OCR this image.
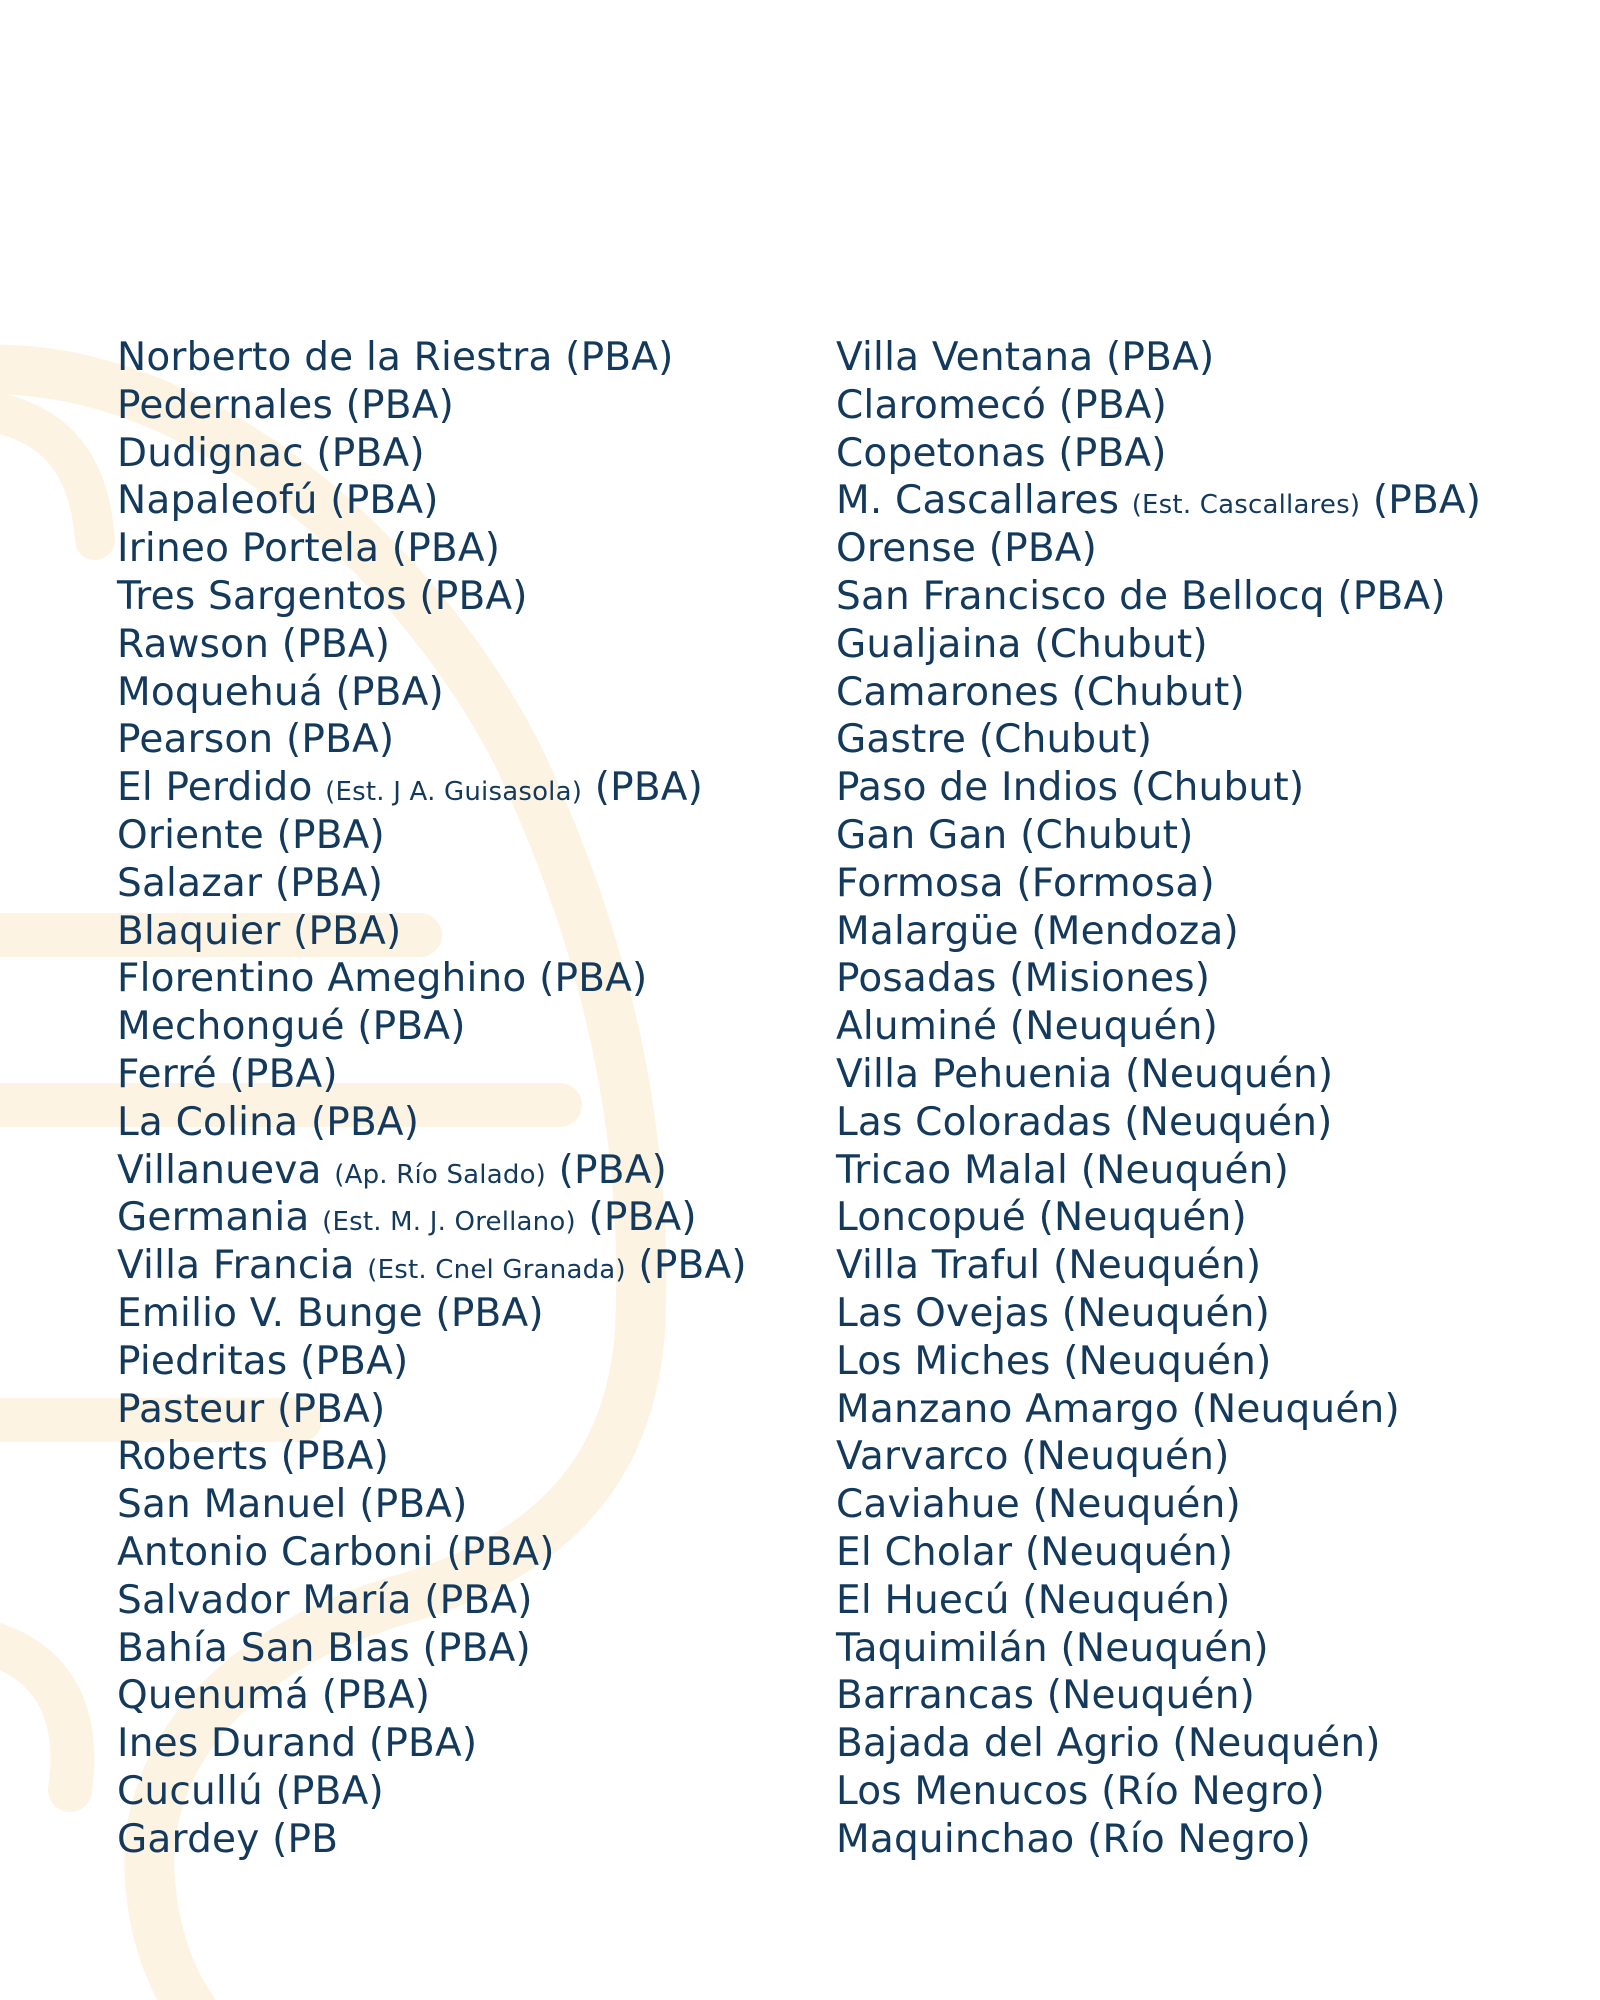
Norberto de la Riestra (PBA)
Pedernales (PBA)
Dudignac (PBA)
Napaleofú (PBA)
Irineo Portela (PBA)
Tres Sargentos (PBA)
Rawson (PBA)
Moquehuá (PBA)
Pearson (PBA)
El Perdido (Est. J A. Guisasola) (PBA)
Oriente (PBA)
Salazar (PBA)
Blaquier (PBA)
Florentino Ameghino (PBA)
Mechongué (PBA)
Ferré (PBA)
La Colina (PBA)
Villanueva (Ap. Río Salado) (PBA)
Germania (Est. M. J. Orellano) (PBA)
Villa Francia (Est. Cnel Granada) (PBA)
Emilio V. Bunge (PBA)
Piedritas (PBA)
Pasteur (PBA)
Roberts (PBA)
San Manuel (PBA)
Antonio Carboni (PBA)
Salvador María (PBA)
Bahía San Blas (PBA)
Quenumá (PBA)
Ines Durand (PBA)
Cucullú (PBA)
Gardey (PB
Villa Ventana (PBA)
Claromecó (PBA)
Copetonas (PBA)
M. Cascallares (Est. Cascallares) (PBA)
Orense (PBA)
San Francisco de Bellocq (PBA)
Gualjaina (Chubut)
Camarones (Chubut)
Gastre (Chubut)
Paso de Indios (Chubut)
Gan Gan (Chubut)
Formosa (Formosa)
Malargüe (Mendoza)
Posadas (Misiones)
Aluminé (Neuquén)
Villa Pehuenia (Neuquén)
Las Coloradas (Neuquén)
Tricao Malal (Neuquén)
Loncopué (Neuquén)
Villa Traful (Neuquén)
Las Ovejas (Neuquén)
Los Miches (Neuquén)
Manzano Amargo (Neuquén)
Varvarco (Neuquén)
Caviahue (Neuquén)
El Cholar (Neuquén)
El Huecú (Neuquén)
Taquimilán (Neuquén)
Barrancas (Neuquén)
Bajada del Agrio (Neuquén)
Los Menucos (Río Negro)
Maquinchao (Río Negro)
